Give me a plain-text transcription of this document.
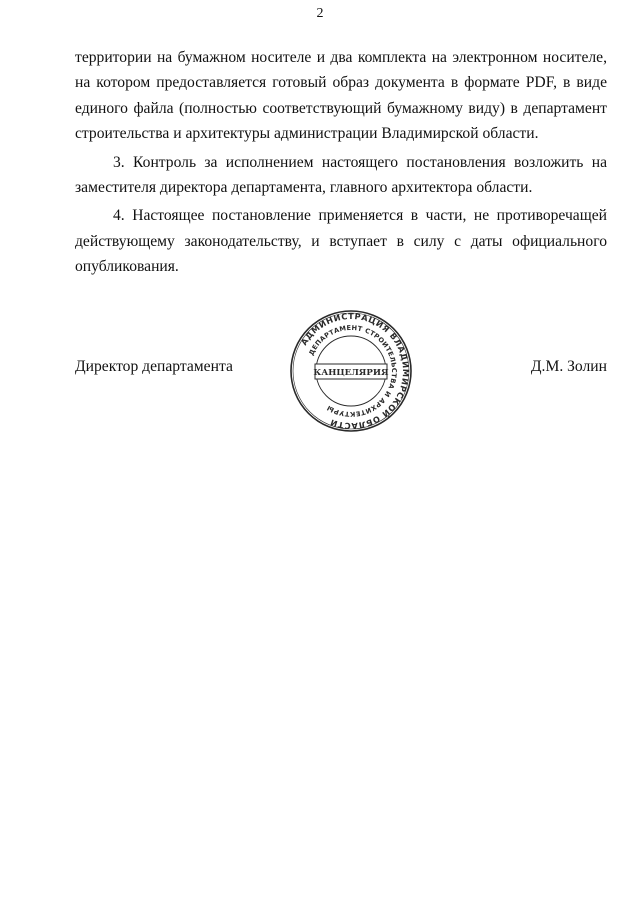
2

территории на бумажном носителе и два комплекта на электронном носителе, на котором предоставляется готовый образ документа в формате PDF, в виде единого файла (полностью соответствующий бумажному виду) в департамент строительства и архитектуры администрации Владимирской области.

3. Контроль за исполнением настоящего постановления возложить на заместителя директора департамента, главного архитектора области.

4. Настоящее постановление применяется в части, не противоречащей действующему законодательству, и вступает в силу с даты официального опубликования.

Директор департамента	Д.М. Золин
АДМИНИСТРАЦИЯ ВЛАДИМИРСКОЙ ОБЛАСТИ
ДЕПАРТАМЕНТ СТРОИТЕЛЬСТВА И АРХИТЕКТУРЫ
КАНЦЕЛЯРИЯ
